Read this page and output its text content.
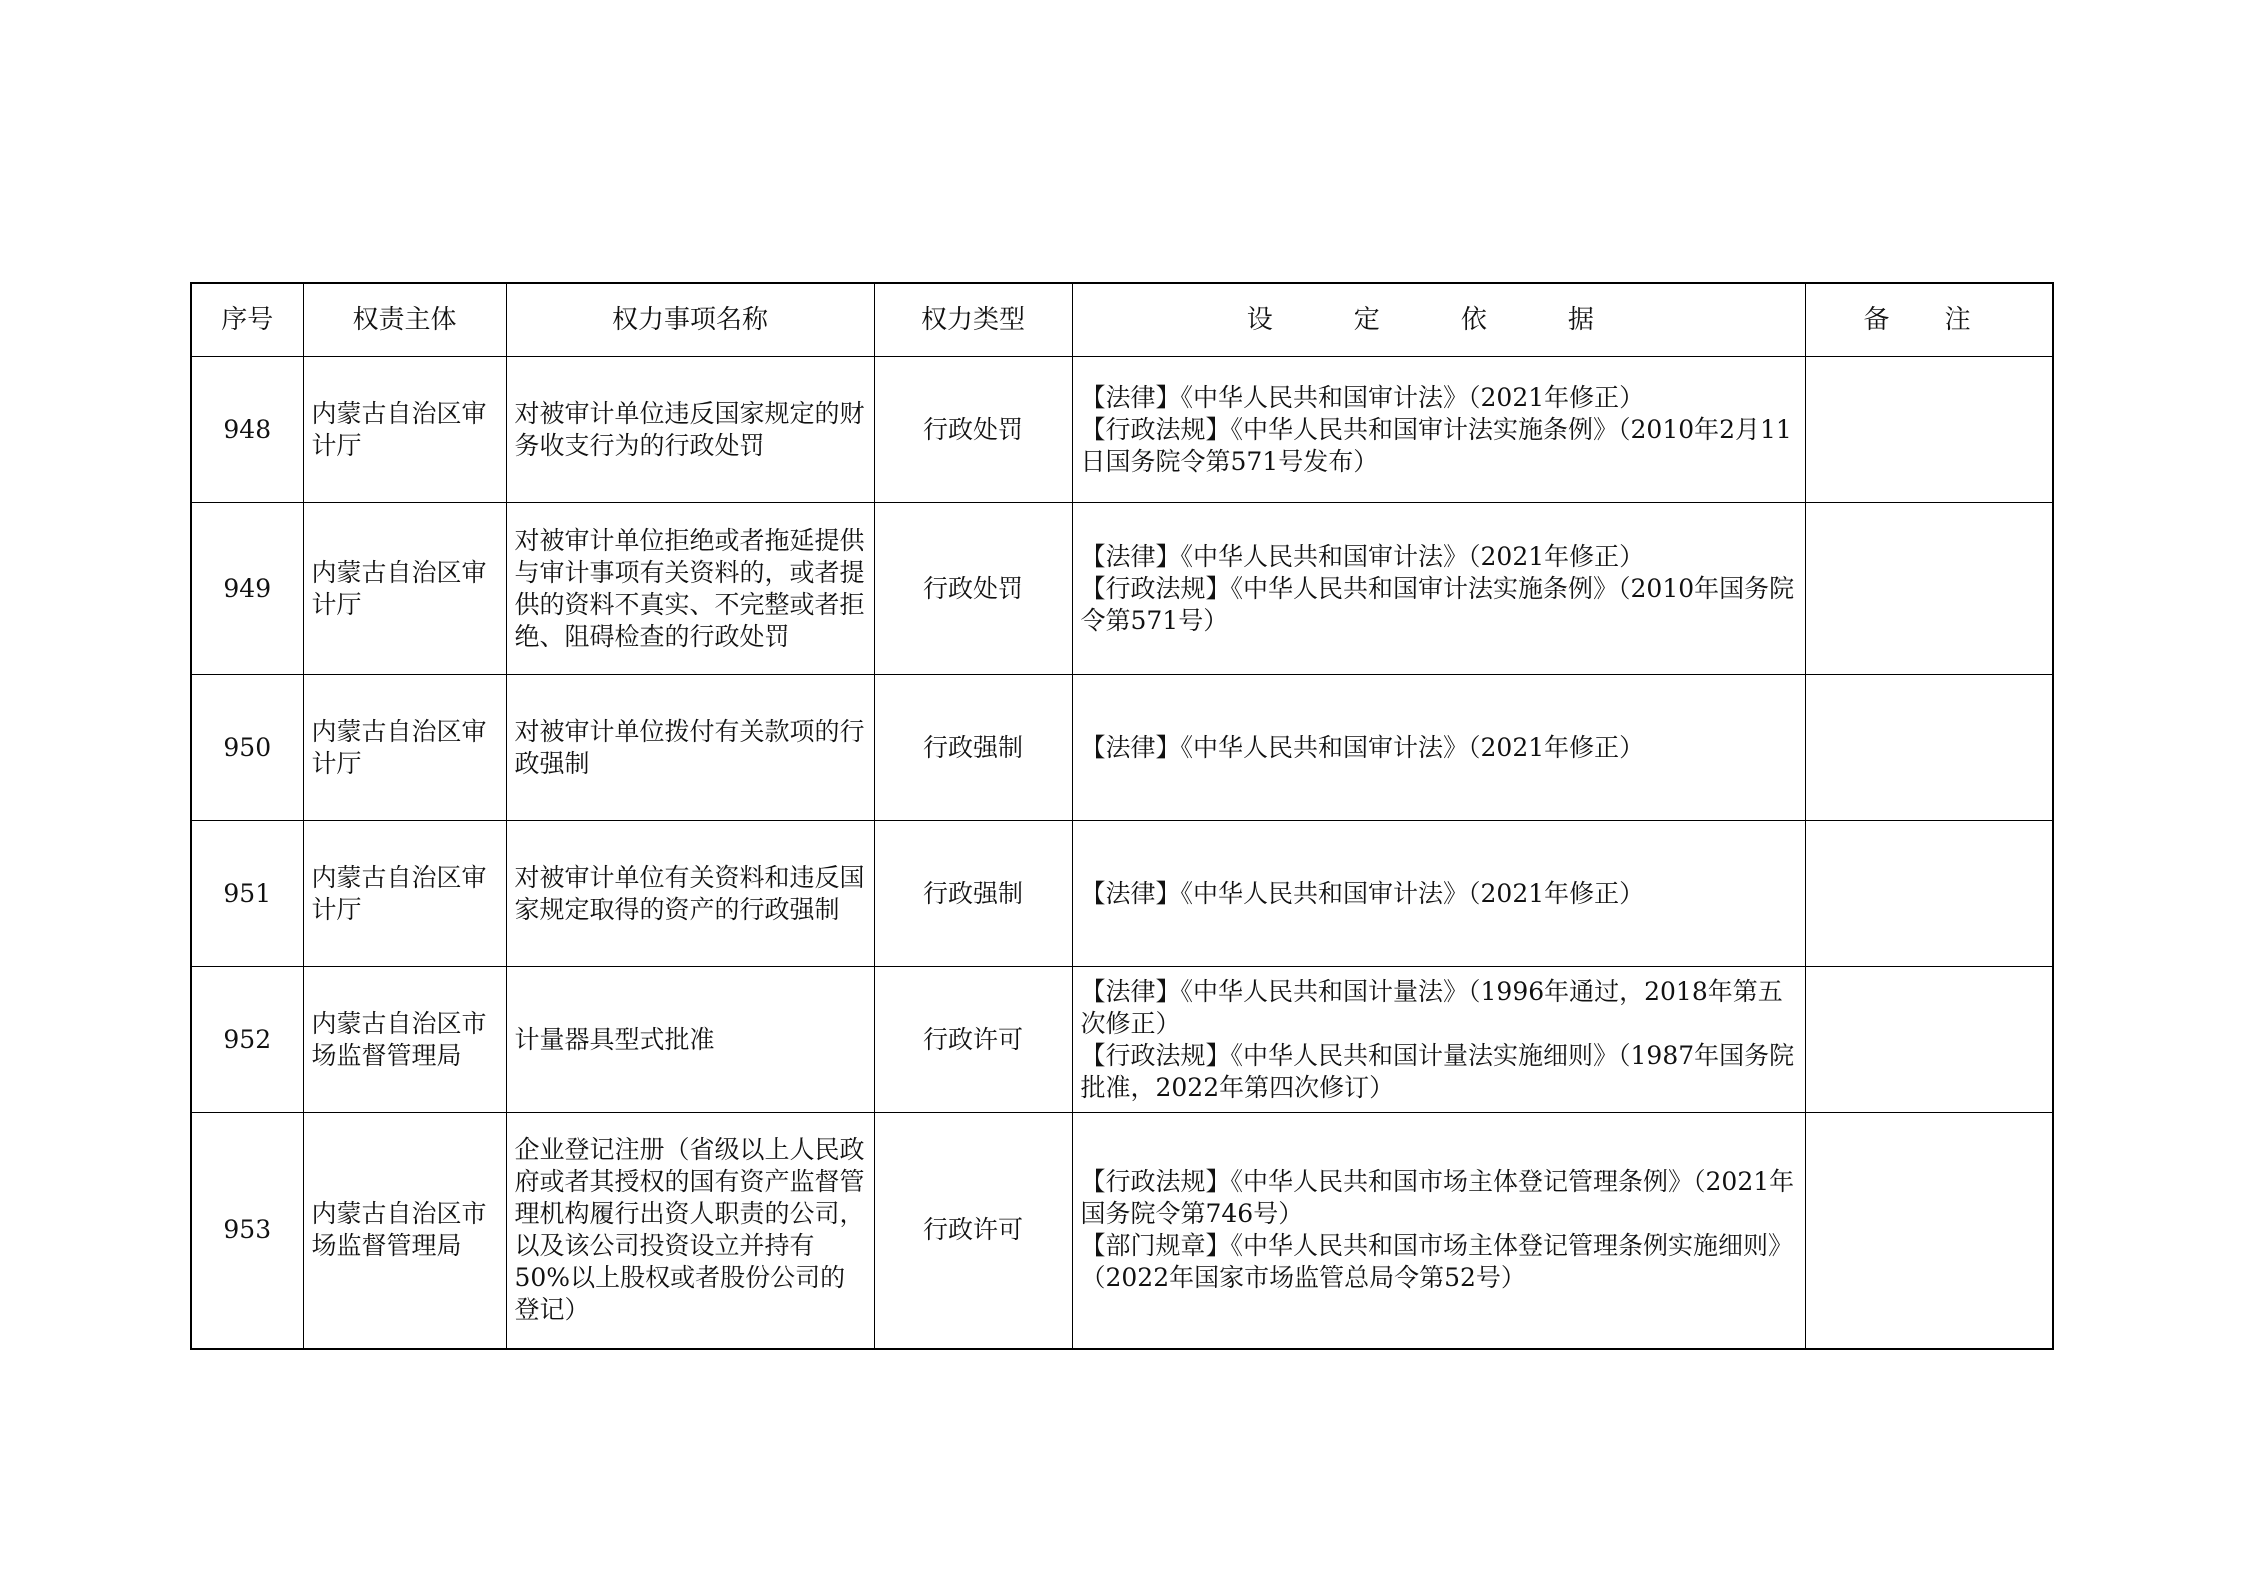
序号	权责主体	权力事项名称	权力类型	设 定 依 据	备 注
948	内蒙古自治区审计厅	对被审计单位违反国家规定的财务收支行为的行政处罚	行政处罚	【法律】《中华人民共和国审计法》（2021年修正）
【行政法规】《中华人民共和国审计法实施条例》（2010年2月11日国务院令第571号发布）	

949	内蒙古自治区审计厅	对被审计单位拒绝或者拖延提供与审计事项有关资料的，或者提供的资料不真实、不完整或者拒绝、阻碍检查的行政处罚	行政处罚	【法律】《中华人民共和国审计法》（2021年修正）
【行政法规】《中华人民共和国审计法实施条例》（2010年国务院令第571号）	

950	内蒙古自治区审计厅	对被审计单位拨付有关款项的行政强制	行政强制	【法律】《中华人民共和国审计法》（2021年修正）	

951	内蒙古自治区审计厅	对被审计单位有关资料和违反国家规定取得的资产的行政强制	行政强制	【法律】《中华人民共和国审计法》（2021年修正）	

952	内蒙古自治区市场监督管理局	计量器具型式批准	行政许可	【法律】《中华人民共和国计量法》（1996年通过，2018年第五次修正）
【行政法规】《中华人民共和国计量法实施细则》（1987年国务院批准，2022年第四次修订）	

953	内蒙古自治区市场监督管理局	企业登记注册（省级以上人民政府或者其授权的国有资产监督管理机构履行出资人职责的公司，以及该公司投资设立并持有50%以上股权或者股份公司的登记）	行政许可	【行政法规】《中华人民共和国市场主体登记管理条例》（2021年国务院令第746号）
【部门规章】《中华人民共和国市场主体登记管理条例实施细则》（2022年国家市场监管总局令第52号）	
